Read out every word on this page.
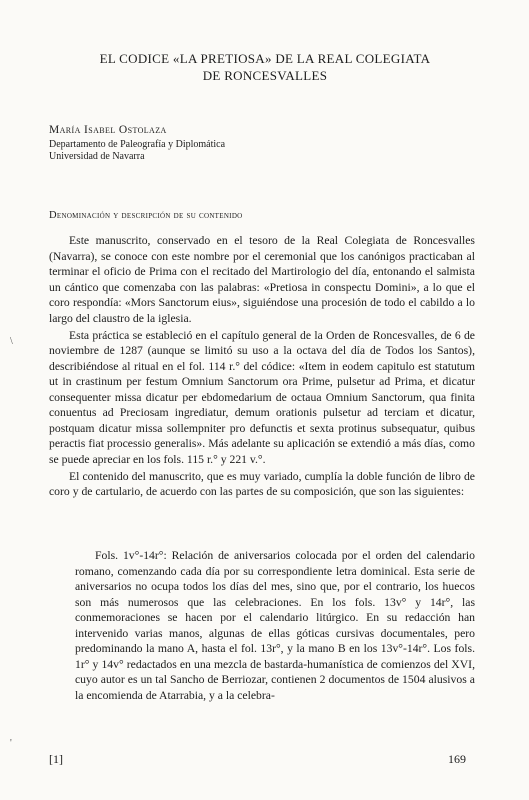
EL CODICE «LA PRETIOSA» DE LA REAL COLEGIATA
DE RONCESVALLES
María Isabel Ostolaza
Departamento de Paleografía y Diplomática
Universidad de Navarra
Denominación y descripción de su contenido

Este manuscrito, conservado en el tesoro de la Real Colegiata de Roncesvalles (Navarra), se conoce con este nombre por el ceremonial que los canónigos practicaban al terminar el oficio de Prima con el recitado del Martirologio del día, entonando el salmista un cántico que comenzaba con las palabras: «Pretiosa in conspectu Domini», a lo que el coro respondía: «Mors Sanctorum eius», siguiéndose una procesión de todo el cabildo a lo largo del claustro de la iglesia.

Esta práctica se estableció en el capítulo general de la Orden de Roncesvalles, de 6 de noviembre de 1287 (aunque se limitó su uso a la octava del día de Todos los Santos), describiéndose al ritual en el fol. 114 r.° del códice: «Item in eodem capitulo est statutum ut in crastinum per festum Omnium Sanctorum ora Prime, pulsetur ad Prima, et dicatur consequenter missa dicatur per ebdomedarium de octaua Omnium Sanctorum, qua finita conuentus ad Preciosam ingrediatur, demum orationis pulsetur ad terciam et dicatur, postquam dicatur missa sollempniter pro defunctis et sexta protinus subsequatur, quibus peractis fiat processio generalis». Más adelante su aplicación se extendió a más días, como se puede apreciar en los fols. 115 r.° y 221 v.°.

El contenido del manuscrito, que es muy variado, cumplía la doble función de libro de coro y de cartulario, de acuerdo con las partes de su composición, que son las siguientes:

Fols. 1v°-14r°: Relación de aniversarios colocada por el orden del calendario romano, comenzando cada día por su correspondiente letra dominical. Esta serie de aniversarios no ocupa todos los días del mes, sino que, por el contrario, los huecos son más numerosos que las celebraciones. En los fols. 13v° y 14r°, las conmemoraciones se hacen por el calendario litúrgico. En su redacción han intervenido varias manos, algunas de ellas góticas cursivas documentales, pero predominando la mano A, hasta el fol. 13r°, y la mano B en los 13v°-14r°. Los fols. 1r° y 14v° redactados en una mezcla de bastarda-humanística de comienzos del XVI, cuyo autor es un tal Sancho de Berriozar, contienen 2 documentos de 1504 alusivos a la encomienda de Atarrabia, y a la celebra-

[1]	169
\
'
